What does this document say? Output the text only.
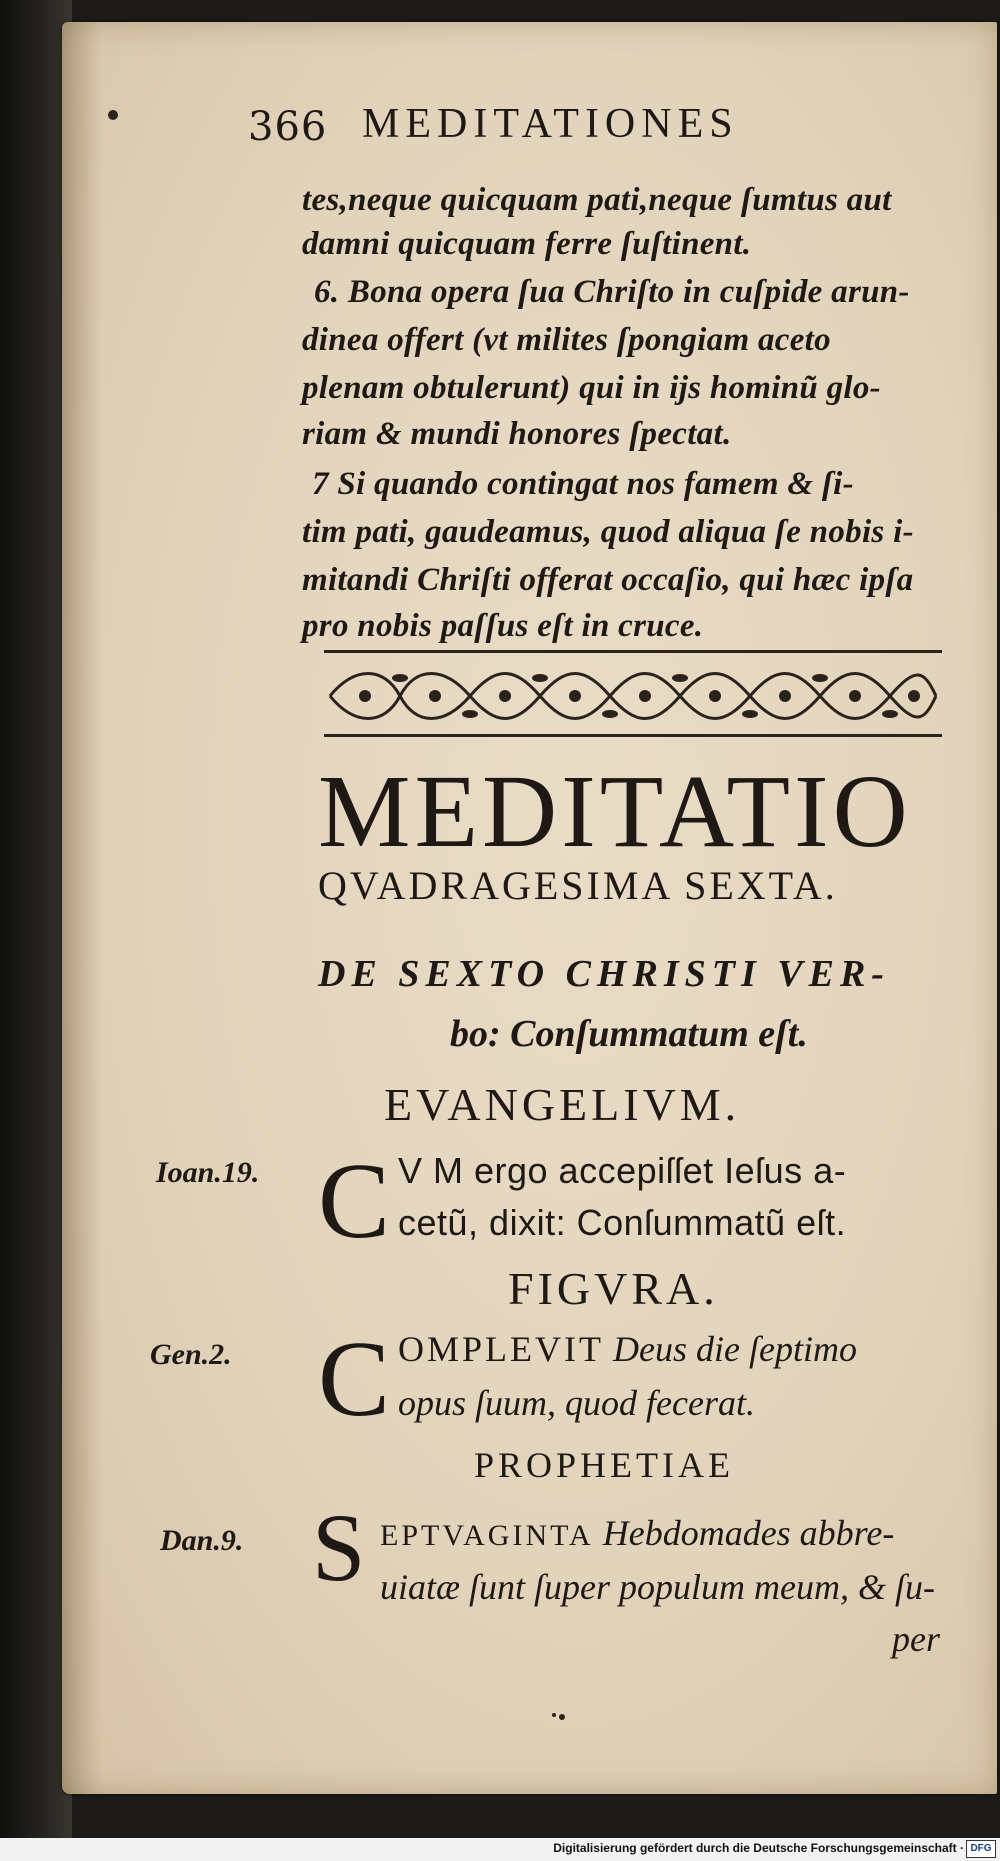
366 MEDITATIONES
tes,neque quicquam pati,neque ſumtus aut
damni quicquam ferre ſuſtinent.
6. Bona opera ſua Chriſto in cuſpide arun-
dinea offert (vt milites ſpongiam aceto
plenam obtulerunt) qui in ijs hominũ glo-
riam & mundi honores ſpectat.
7 Si quando contingat nos famem & ſi-
tim pati, gaudeamus, quod aliqua ſe nobis i-
mitandi Chriſti offerat occaſio, qui hæc ipſa
pro nobis paſſus eſt in cruce.
MEDITATIO
QVADRAGESIMA SEXTA.
DE SEXTO CHRISTI VER-
bo: Conſummatum eſt.
EVANGELIVM.
Ioan.19. C V M ergo accepiſſet Ieſus a-
cetũ, dixit: Conſummatũ eſt.
FIGVRA.
Gen.2. C OMPLEVIT Deus die ſeptimo
opus ſuum, quod fecerat.
PROPHETIAE
Dan.9. S EPTVAGINTA Hebdomades abbre-
uiatæ ſunt ſuper populum meum, & ſu-
per
Digitalisierung gefördert durch die Deutsche Forschungsgemeinschaft · DFG
